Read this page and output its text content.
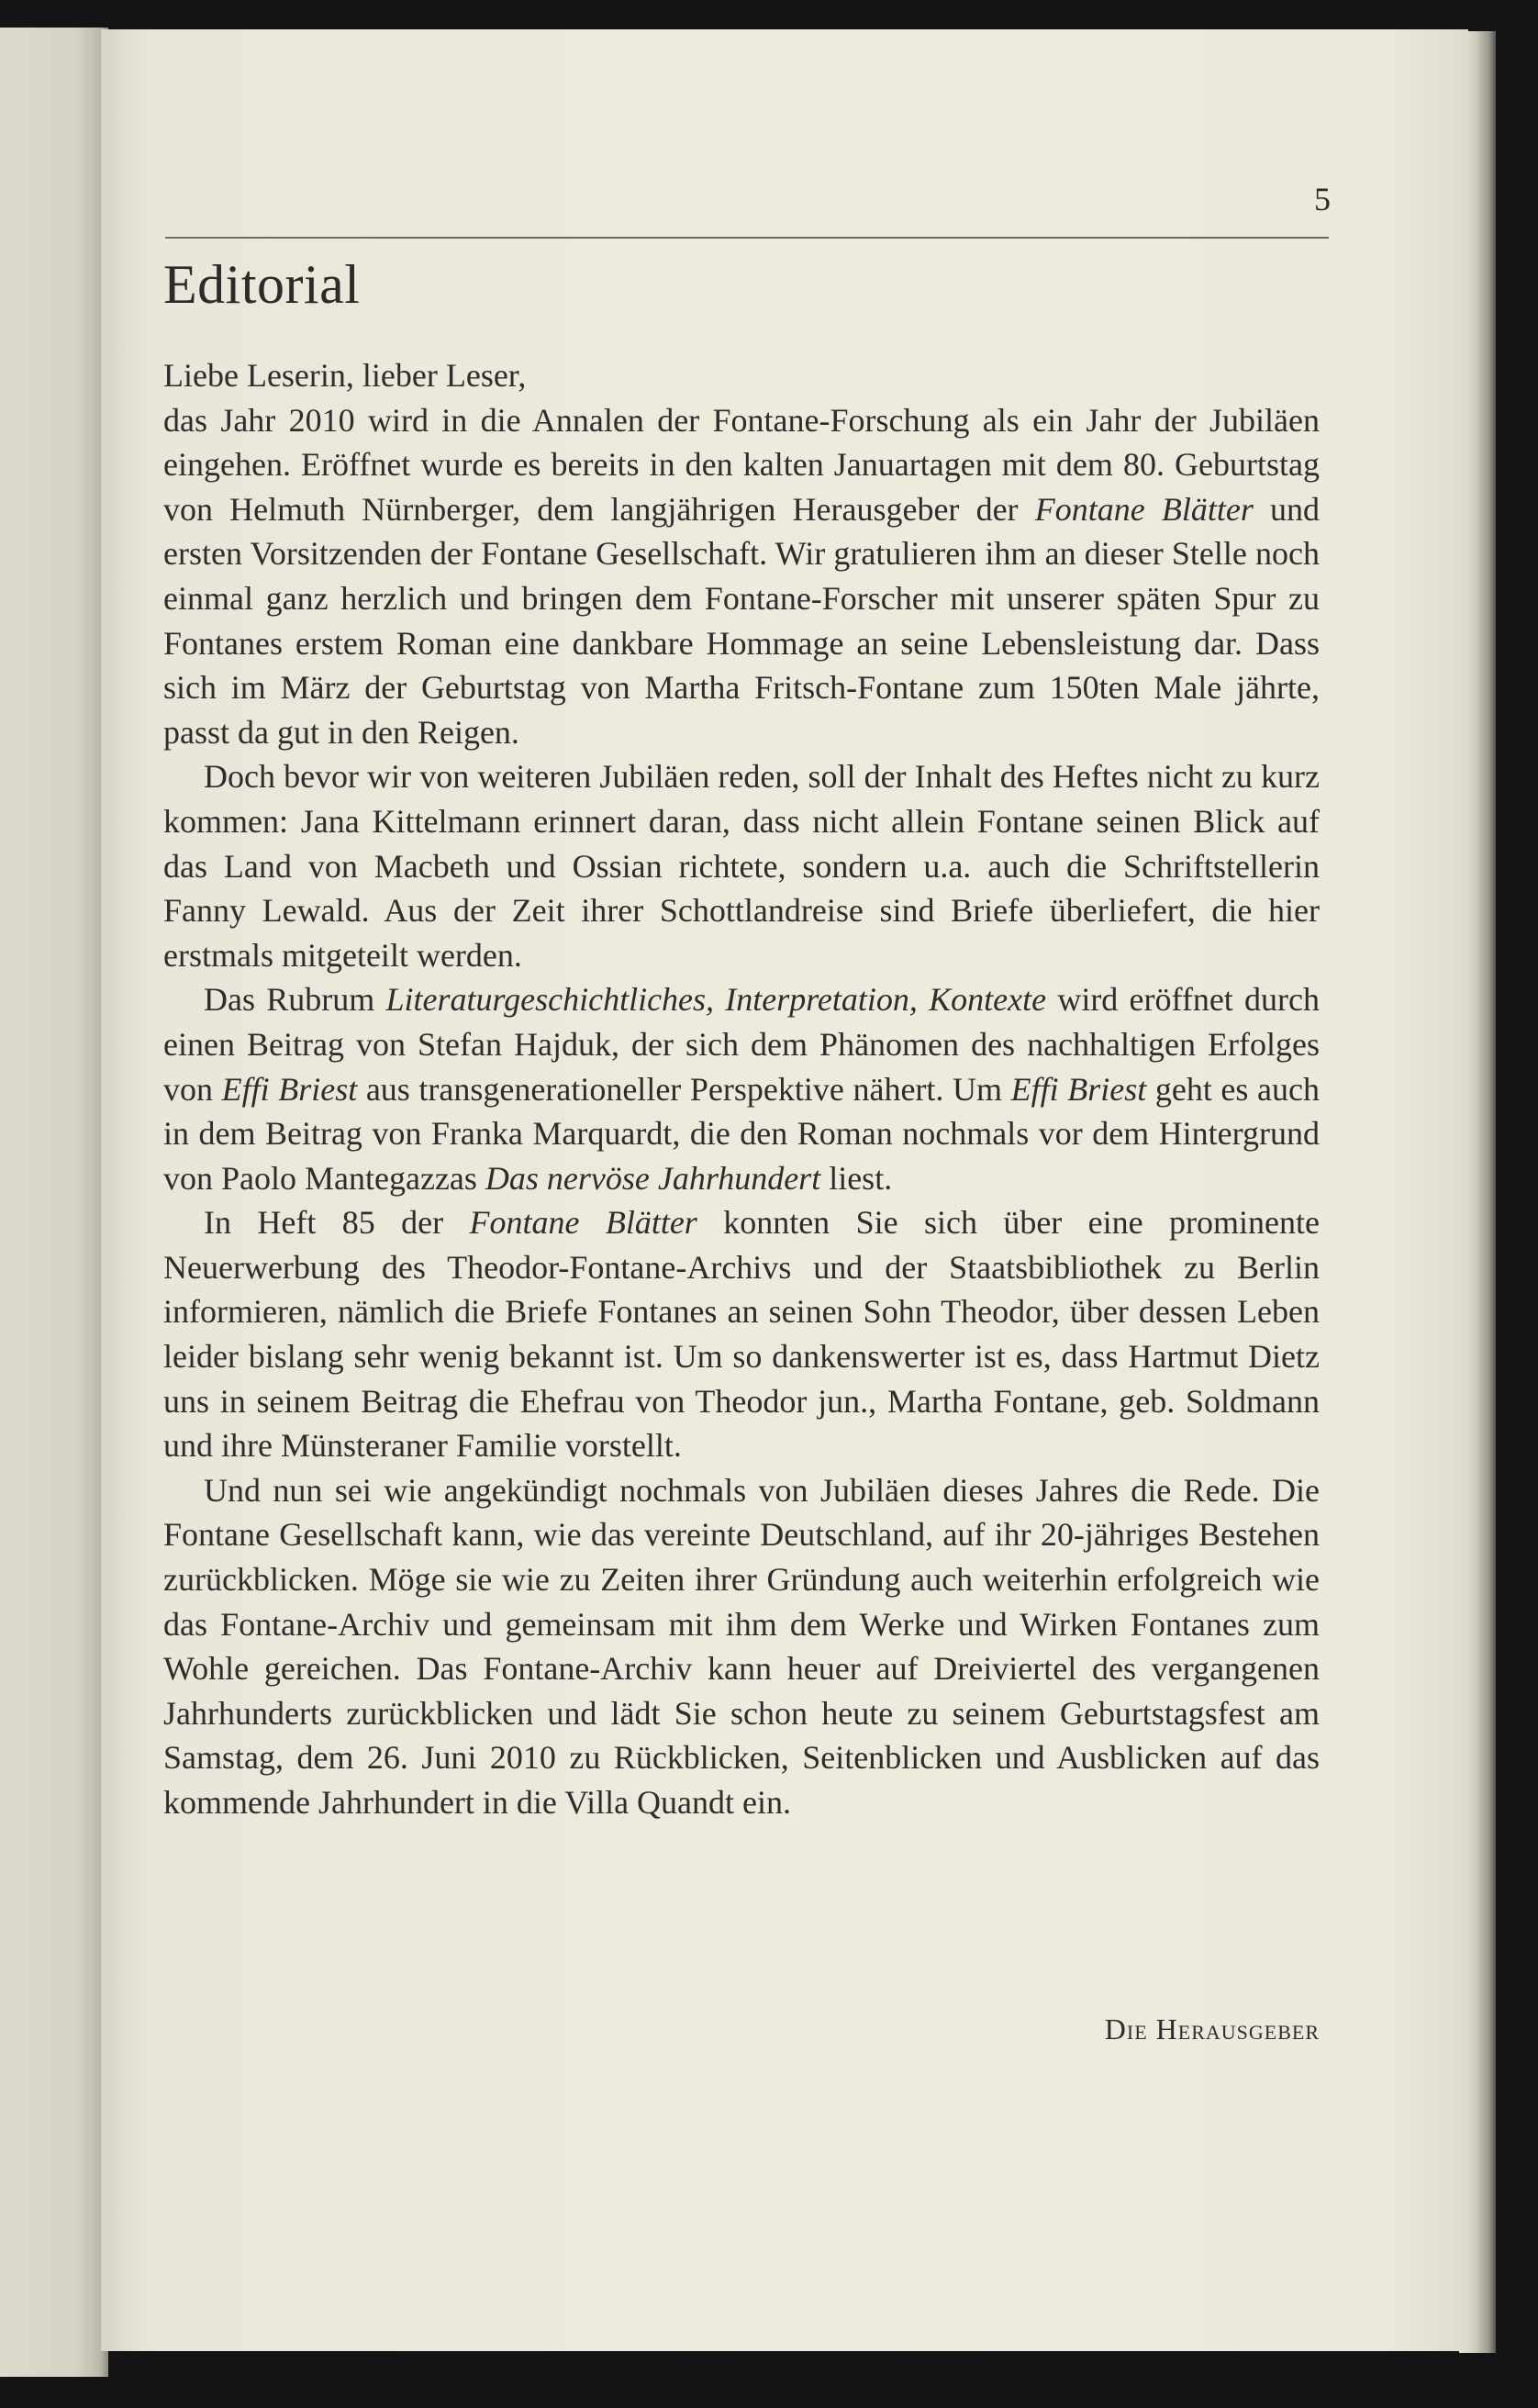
5
Editorial

Liebe Leserin, lieber Leser,

das Jahr 2010 wird in die Annalen der Fontane-Forschung als ein Jahr der Jubiläen eingehen. Eröffnet wurde es bereits in den kalten Januartagen mit dem 80. Geburtstag von Helmuth Nürnberger, dem langjährigen Herausgeber der Fontane Blätter und ersten Vorsitzenden der Fontane Gesellschaft. Wir gratulieren ihm an dieser Stelle noch einmal ganz herzlich und bringen dem Fontane-Forscher mit unserer späten Spur zu Fontanes erstem Roman eine dankbare Hommage an seine Lebensleistung dar. Dass sich im März der Geburtstag von Martha Fritsch-Fontane zum 150ten Male jährte, passt da gut in den Reigen.

Doch bevor wir von weiteren Jubiläen reden, soll der Inhalt des Heftes nicht zu kurz kommen: Jana Kittelmann erinnert daran, dass nicht allein Fontane seinen Blick auf das Land von Macbeth und Ossian richtete, sondern u.a. auch die Schriftstellerin Fanny Lewald. Aus der Zeit ihrer Schottlandreise sind Briefe überliefert, die hier erstmals mitgeteilt werden.

Das Rubrum Literaturgeschichtliches, Interpretation, Kontexte wird eröffnet durch einen Beitrag von Stefan Hajduk, der sich dem Phänomen des nachhaltigen Erfolges von Effi Briest aus transgenerationeller Perspektive nähert. Um Effi Briest geht es auch in dem Beitrag von Franka Marquardt, die den Roman nochmals vor dem Hintergrund von Paolo Mantegazzas Das nervöse Jahrhundert liest.

In Heft 85 der Fontane Blätter konnten Sie sich über eine prominente Neuerwerbung des Theodor-Fontane-Archivs und der Staatsbibliothek zu Berlin informieren, nämlich die Briefe Fontanes an seinen Sohn Theodor, über dessen Leben leider bislang sehr wenig bekannt ist. Um so dankenswerter ist es, dass Hartmut Dietz uns in seinem Beitrag die Ehefrau von Theodor jun., Martha Fontane, geb. Soldmann und ihre Münsteraner Familie vorstellt.

Und nun sei wie angekündigt nochmals von Jubiläen dieses Jahres die Rede. Die Fontane Gesellschaft kann, wie das vereinte Deutschland, auf ihr 20-jähriges Bestehen zurückblicken. Möge sie wie zu Zeiten ihrer Gründung auch weiterhin erfolgreich wie das Fontane-Archiv und gemeinsam mit ihm dem Werke und Wirken Fontanes zum Wohle gereichen. Das Fontane-Archiv kann heuer auf Dreiviertel des vergangenen Jahrhunderts zurückblicken und lädt Sie schon heute zu seinem Geburtstagsfest am Samstag, dem 26. Juni 2010 zu Rückblicken, Seitenblicken und Ausblicken auf das kommende Jahrhundert in die Villa Quandt ein.

Die Herausgeber
